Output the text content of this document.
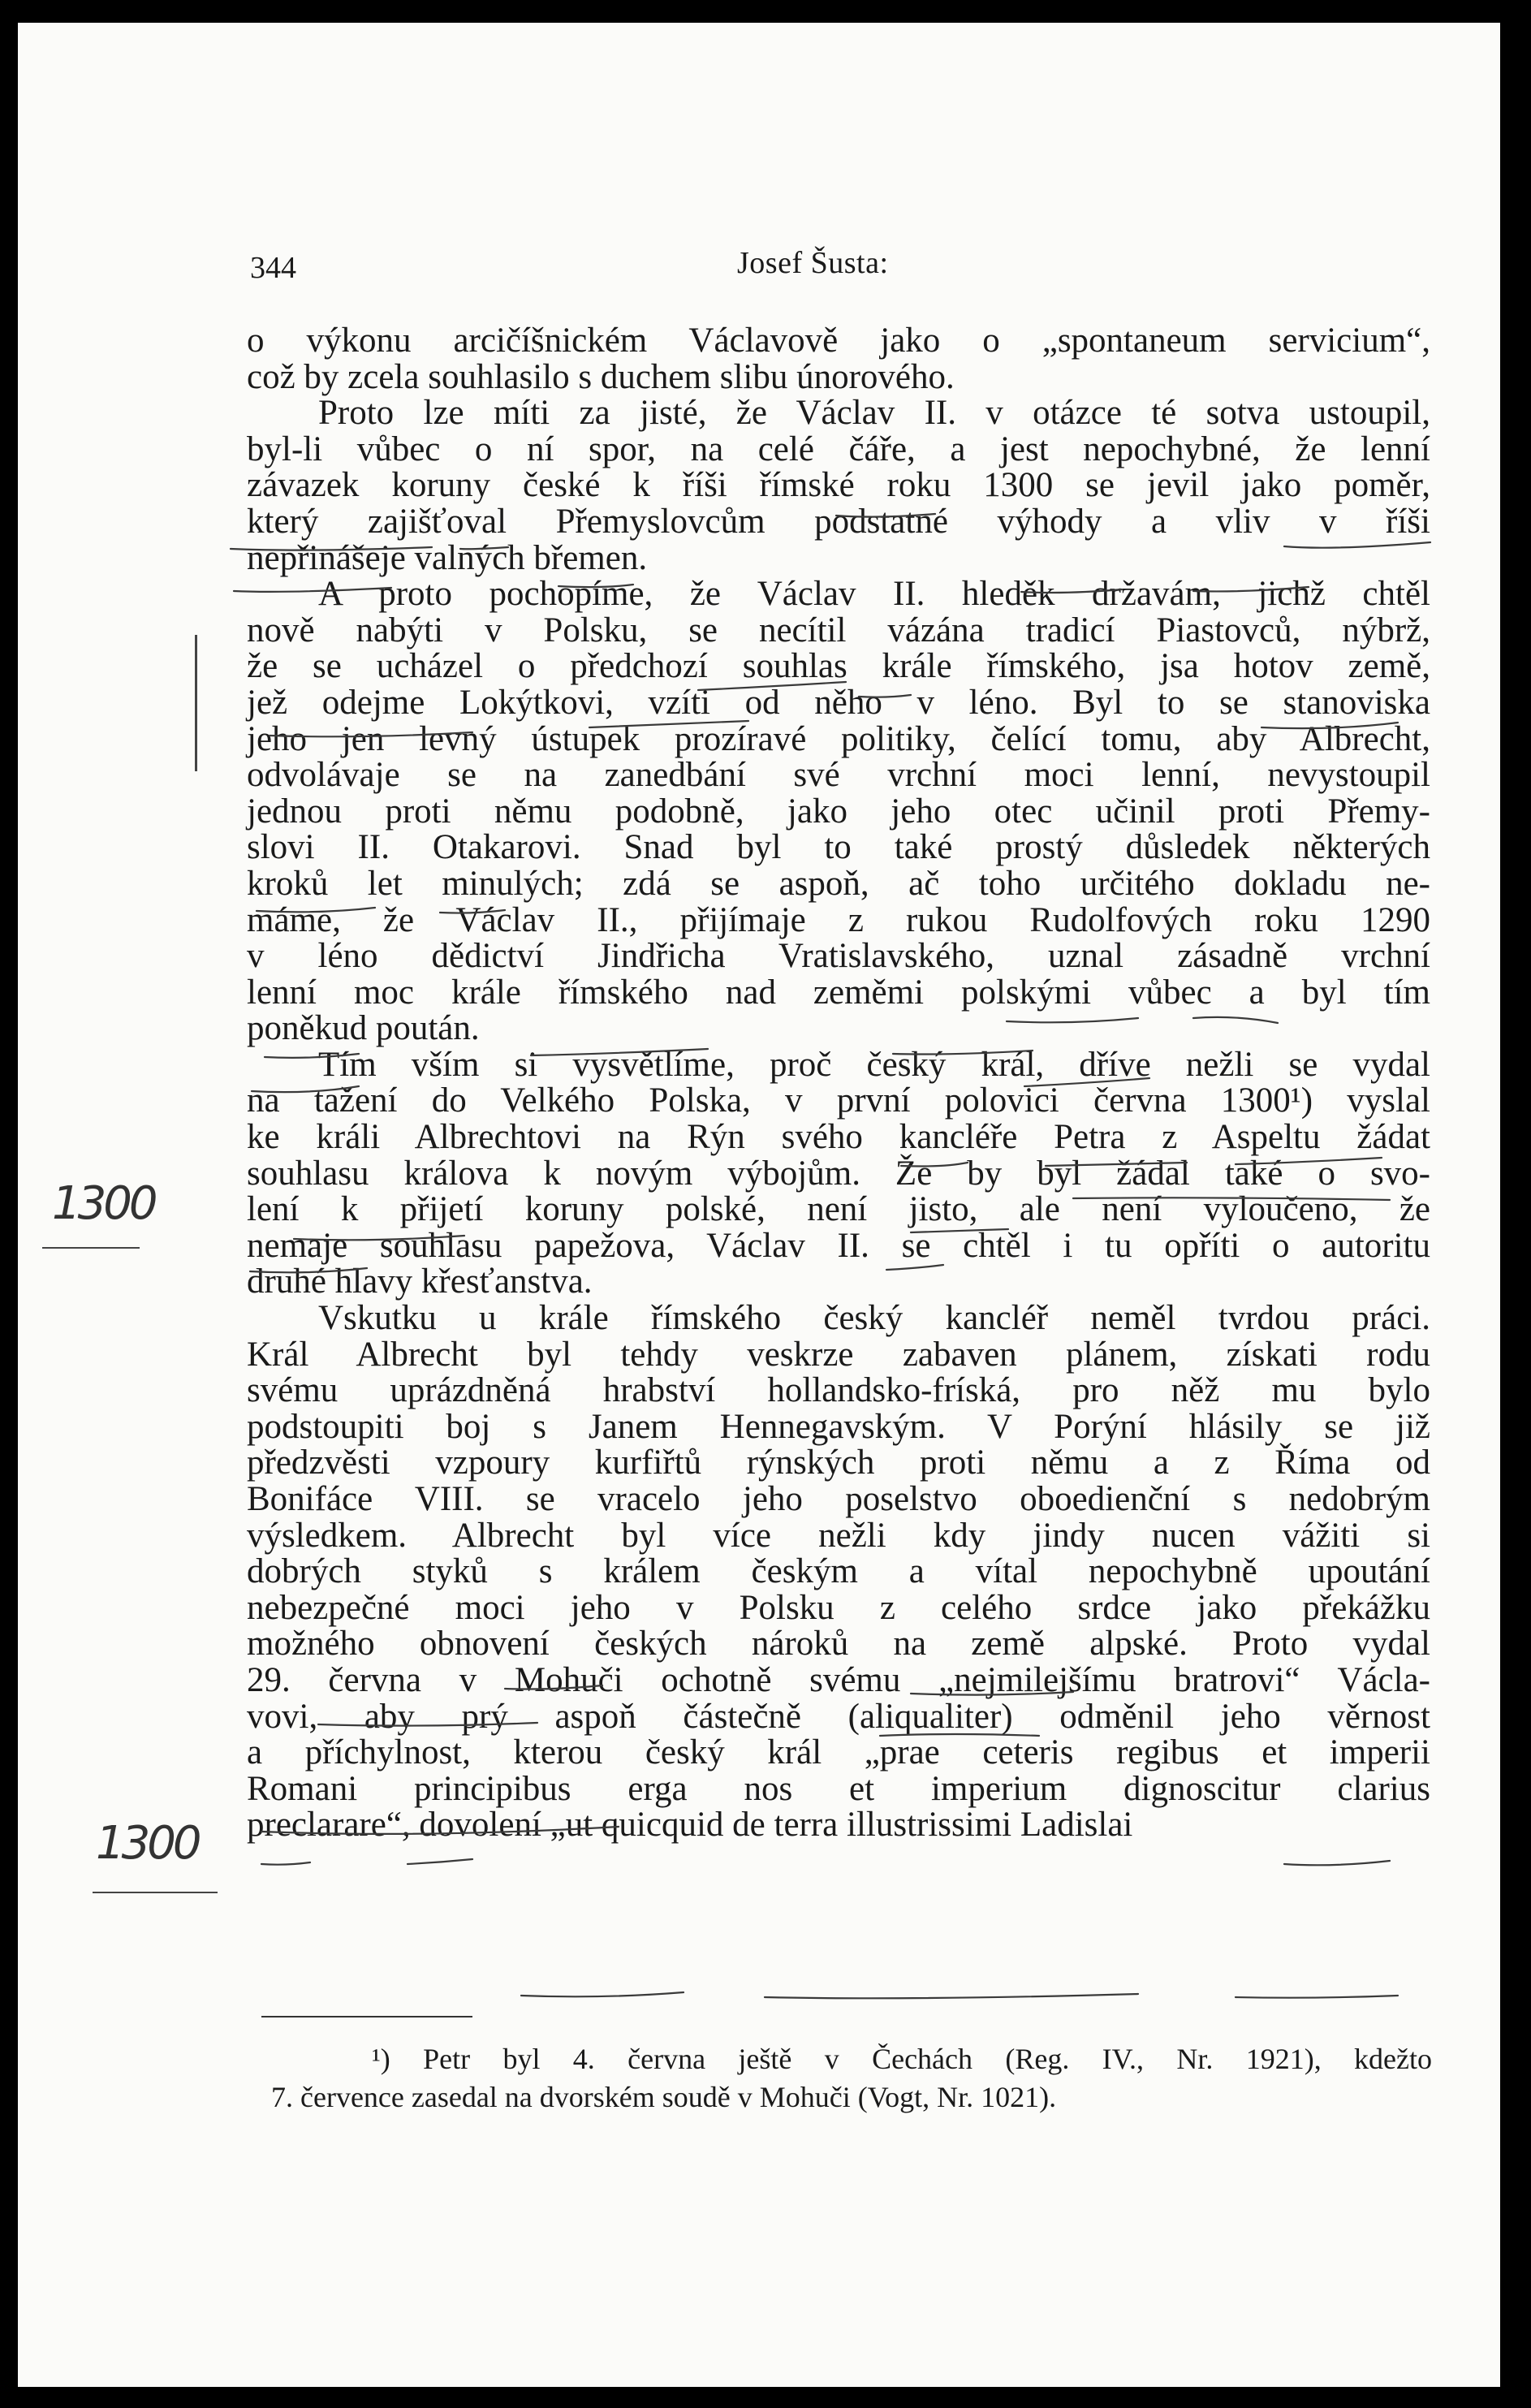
344	Josef Šusta:
o výkonu arcičíšnickém Václavově jako o „spontaneum servicium“,
což by zcela souhlasilo s duchem slibu únorového.
Proto lze míti za jisté, že Václav II. v otázce té sotva ustoupil,
byl-li vůbec o ní spor, na celé čáře, a jest nepochybné, že lenní
závazek koruny české k říši římské roku 1300 se jevil jako poměr,
který zajišťoval Přemyslovcům podstatné výhody a vliv v říši
nepřinášeje valných břemen.
A proto pochopíme, že Václav II. hleděk državám, jichž chtěl
nově nabýti v Polsku, se necítil vázána tradicí Piastovců, nýbrž,
že se ucházel o předchozí souhlas krále římského, jsa hotov země,
jež odejme Lokýtkovi, vzíti od něho v léno. Byl to se stanoviska
jeho jen levný ústupek prozíravé politiky, čelící tomu, aby Albrecht,
odvolávaje se na zanedbání své vrchní moci lenní, nevystoupil
jednou proti němu podobně, jako jeho otec učinil proti Přemy-
slovi II. Otakarovi. Snad byl to také prostý důsledek některých
kroků let minulých; zdá se aspoň, ač toho určitého dokladu ne-
máme, že Václav II., přijímaje z rukou Rudolfových roku 1290
v léno dědictví Jindřicha Vratislavského, uznal zásadně vrchní
lenní moc krále římského nad zeměmi polskými vůbec a byl tím
poněkud poután.
Tím vším si vysvětlíme, proč český král, dříve nežli se vydal
na tažení do Velkého Polska, v první polovici června 1300¹) vyslal
ke králi Albrechtovi na Rýn svého kancléře Petra z Aspeltu žádat
souhlasu králova k novým výbojům. Že by byl žádal také o svo-
lení k přijetí koruny polské, není jisto, ale není vyloučeno, že
nemaje souhlasu papežova, Václav II. se chtěl i tu opříti o autoritu
druhé hlavy křesťanstva.
Vskutku u krále římského český kancléř neměl tvrdou práci.
Král Albrecht byl tehdy veskrze zabaven plánem, získati rodu
svému uprázdněná hrabství hollandsko-fríská, pro něž mu bylo
podstoupiti boj s Janem Hennegavským. V Porýní hlásily se již
předzvěsti vzpoury kurfiřtů rýnských proti němu a z Říma od
Bonifáce VIII. se vracelo jeho poselstvo oboedienční s nedobrým
výsledkem. Albrecht byl více nežli kdy jindy nucen vážiti si
dobrých styků s králem českým a vítal nepochybně upoutání
nebezpečné moci jeho v Polsku z celého srdce jako překážku
možného obnovení českých nároků na země alpské. Proto vydal
29. června v Mohuči ochotně svému „nejmilejšímu bratrovi“ Václa-
vovi, aby prý aspoň částečně (aliqualiter) odměnil jeho věrnost
a příchylnost, kterou český král „prae ceteris regibus et imperii
Romani principibus erga nos et imperium dignoscitur clarius
preclarare“, dovolení „ut quicquid de terra illustrissimi Ladislai
¹) Petr byl 4. června ještě v Čechách (Reg. IV., Nr. 1921), kdežto
7. července zasedal na dvorském soudě v Mohuči (Vogt, Nr. 1021).
1300
1300
